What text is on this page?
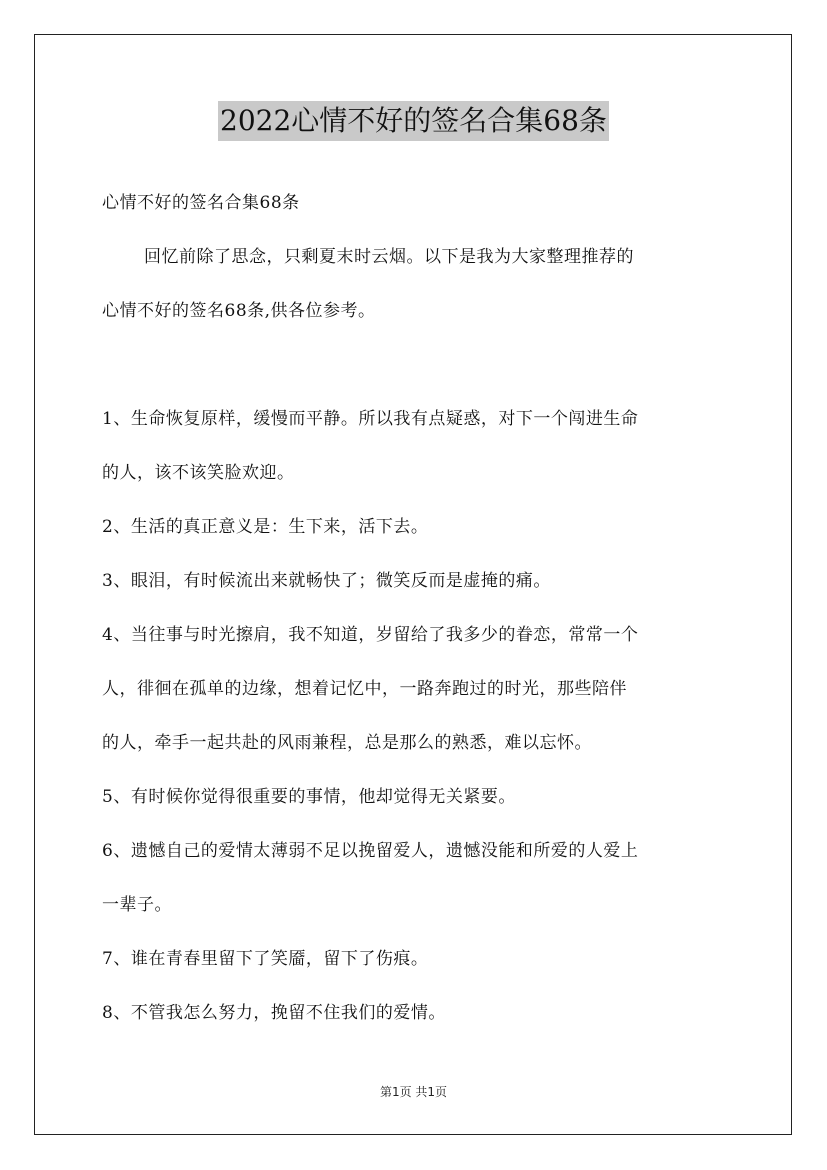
2022心情不好的签名合集68条
心情不好的签名合集68条
回忆前除了思念，只剩夏末时云烟。以下是我为大家整理推荐的
心情不好的签名68条,供各位参考。
1、生命恢复原样，缓慢而平静。所以我有点疑惑，对下一个闯进生命
的人，该不该笑脸欢迎。
2、生活的真正意义是：生下来，活下去。
3、眼泪，有时候流出来就畅快了；微笑反而是虚掩的痛。
4、当往事与时光擦肩，我不知道，岁留给了我多少的眷恋，常常一个
人，徘徊在孤单的边缘，想着记忆中，一路奔跑过的时光，那些陪伴
的人，牵手一起共赴的风雨兼程，总是那么的熟悉，难以忘怀。
5、有时候你觉得很重要的事情，他却觉得无关紧要。
6、遗憾自己的爱情太薄弱不足以挽留爱人，遗憾没能和所爱的人爱上
一辈子。
7、谁在青春里留下了笑靥，留下了伤痕。
8、不管我怎么努力，挽留不住我们的爱情。
第1页 共1页
